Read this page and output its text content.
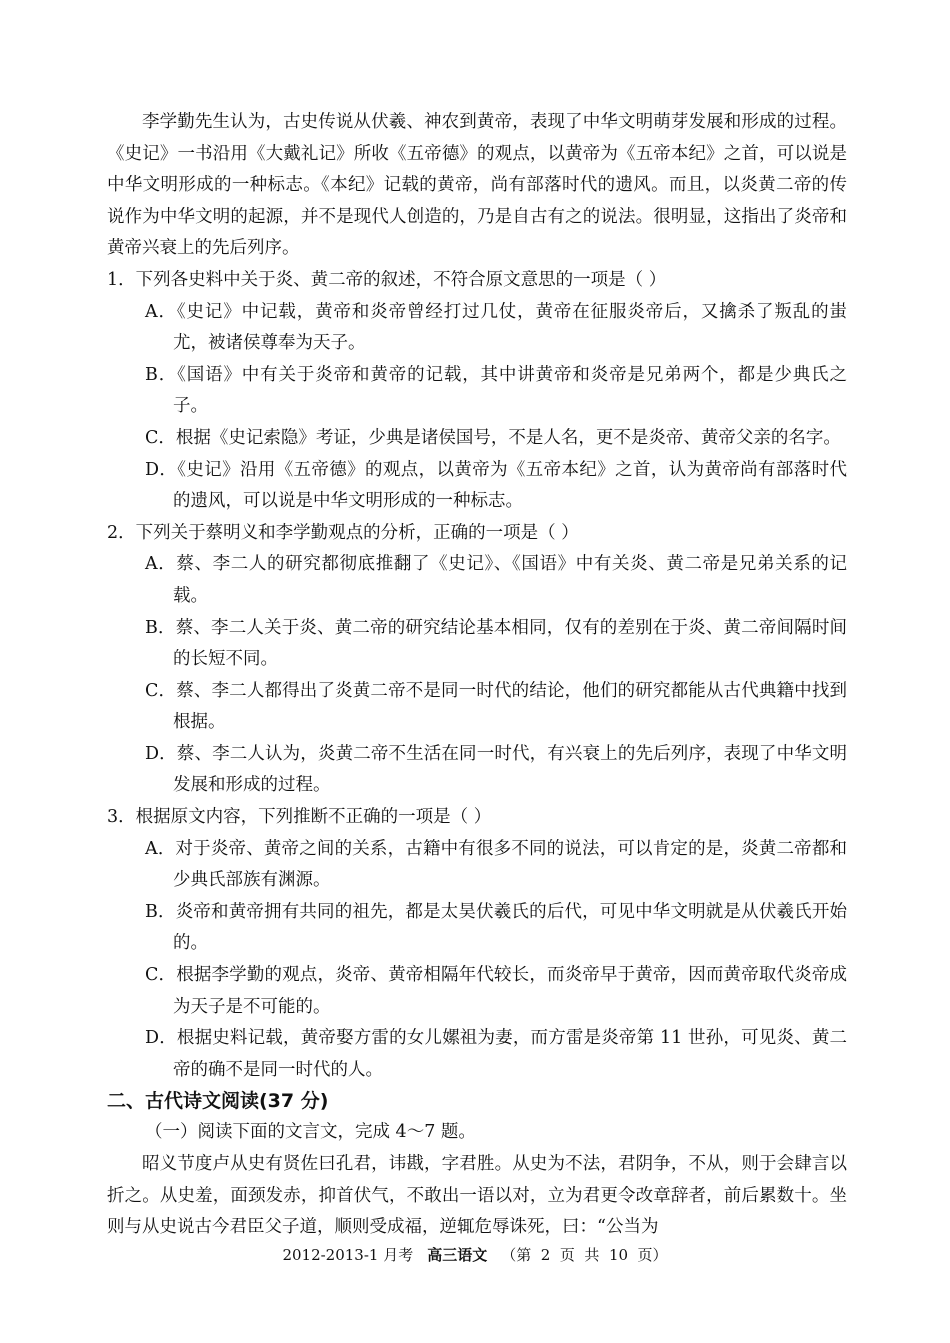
李学勤先生认为，古史传说从伏羲、神农到黄帝，表现了中华文明萌芽发展和形成的过程。《史记》一书沿用《大戴礼记》所收《五帝德》的观点，以黄帝为《五帝本纪》之首，可以说是中华文明形成的一种标志。《本纪》记载的黄帝，尚有部落时代的遗风。而且，以炎黄二帝的传说作为中华文明的起源，并不是现代人创造的，乃是自古有之的说法。很明显，这指出了炎帝和黄帝兴衰上的先后列序。

1．下列各史料中关于炎、黄二帝的叙述，不符合原文意思的一项是（ ）

A．《史记》中记载，黄帝和炎帝曾经打过几仗，黄帝在征服炎帝后，又擒杀了叛乱的蚩尤，被诸侯尊奉为天子。

B．《国语》中有关于炎帝和黄帝的记载，其中讲黄帝和炎帝是兄弟两个，都是少典氏之子。

C．根据《史记索隐》考证，少典是诸侯国号，不是人名，更不是炎帝、黄帝父亲的名字。

D．《史记》沿用《五帝德》的观点，以黄帝为《五帝本纪》之首，认为黄帝尚有部落时代的遗风，可以说是中华文明形成的一种标志。

2．下列关于蔡明义和李学勤观点的分析，正确的一项是（ ）

A．蔡、李二人的研究都彻底推翻了《史记》、《国语》中有关炎、黄二帝是兄弟关系的记载。

B．蔡、李二人关于炎、黄二帝的研究结论基本相同，仅有的差别在于炎、黄二帝间隔时间的长短不同。

C．蔡、李二人都得出了炎黄二帝不是同一时代的结论，他们的研究都能从古代典籍中找到根据。

D．蔡、李二人认为，炎黄二帝不生活在同一时代，有兴衰上的先后列序，表现了中华文明发展和形成的过程。

3．根据原文内容，下列推断不正确的一项是（ ）

A．对于炎帝、黄帝之间的关系，古籍中有很多不同的说法，可以肯定的是，炎黄二帝都和少典氏部族有渊源。

B．炎帝和黄帝拥有共同的祖先，都是太昊伏羲氏的后代，可见中华文明就是从伏羲氏开始的。

C．根据李学勤的观点，炎帝、黄帝相隔年代较长，而炎帝早于黄帝，因而黄帝取代炎帝成为天子是不可能的。

D．根据史料记载，黄帝娶方雷的女儿嫘祖为妻，而方雷是炎帝第 11 世孙，可见炎、黄二帝的确不是同一时代的人。

二、古代诗文阅读(37 分)

（一）阅读下面的文言文，完成 4～7 题。

昭义节度卢从史有贤佐曰孔君，讳戡，字君胜。从史为不法，君阴争，不从，则于会肆言以折之。从史羞，面颈发赤，抑首伏气，不敢出一语以对，立为君更令改章辞者，前后累数十。坐则与从史说古今君臣父子道，顺则受成福，逆辄危辱诛死，曰：“公当为

2012-2013-1 月考 高三语文 （第  2  页  共  10  页）
